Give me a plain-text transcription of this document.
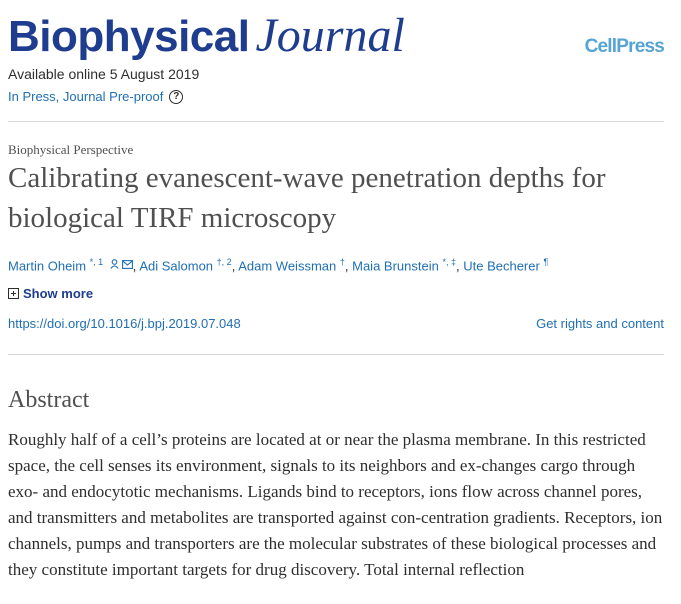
Biophysical Journal	CellPress
Available online 5 August 2019
In Press, Journal Pre-proof ?
Biophysical Perspective
Calibrating evanescent-wave penetration depths for biological TIRF microscopy
Martin Oheim $^{*, 1}$ , Adi Salomon $^{\dagger, 2}$, Adam Weissman †, Maia Brunstein *, ‡, Ute Becherer ¶
Show more
https://doi.org/10.1016/j.bpj.2019.07.048	Get rights and content
Abstract

Roughly half of a cell’s proteins are located at or near the plasma membrane. In this restricted space, the cell senses its environment, signals to its neighbors and ex-changes cargo through exo- and endocytotic mechanisms. Ligands bind to receptors, ions flow across channel pores, and transmitters and metabolites are transported against con-centration gradients. Receptors, ion channels, pumps and transporters are the molecular substrates of these biological processes and they constitute important targets for drug discovery. Total internal reflection
